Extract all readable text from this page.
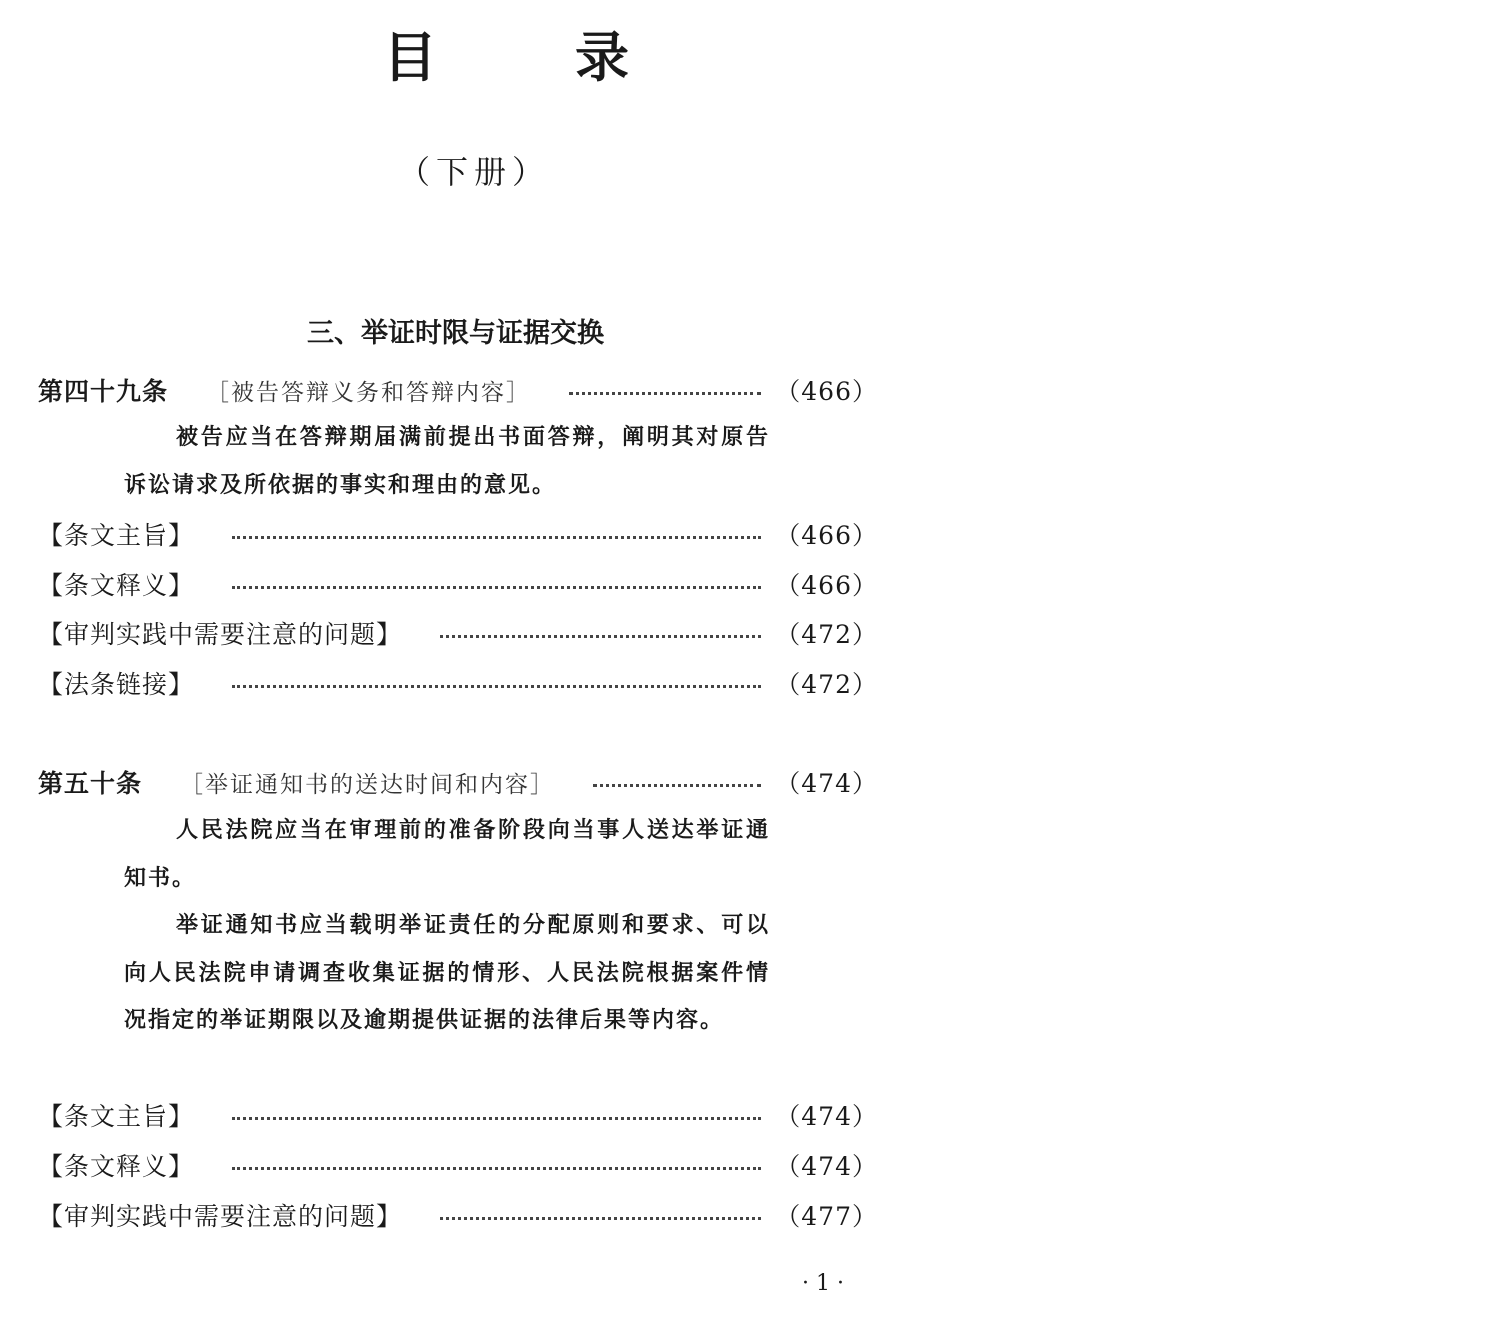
目　录
（下册）
三、举证时限与证据交换
第四十九条 ［被告答辩义务和答辩内容］	（466）

被告应当在答辩期届满前提出书面答辩，阐明其对原告诉讼请求及所依据的事实和理由的意见。

【条文主旨】	（466）
【条文释义】	（466）
【审判实践中需要注意的问题】	（472）
【法条链接】	（472）
第五十条 ［举证通知书的送达时间和内容］	（474）

人民法院应当在审理前的准备阶段向当事人送达举证通知书。

举证通知书应当载明举证责任的分配原则和要求、可以向人民法院申请调查收集证据的情形、人民法院根据案件情况指定的举证期限以及逾期提供证据的法律后果等内容。

【条文主旨】	（474）
【条文释义】	（474）
【审判实践中需要注意的问题】	（477）
· 1 ·
